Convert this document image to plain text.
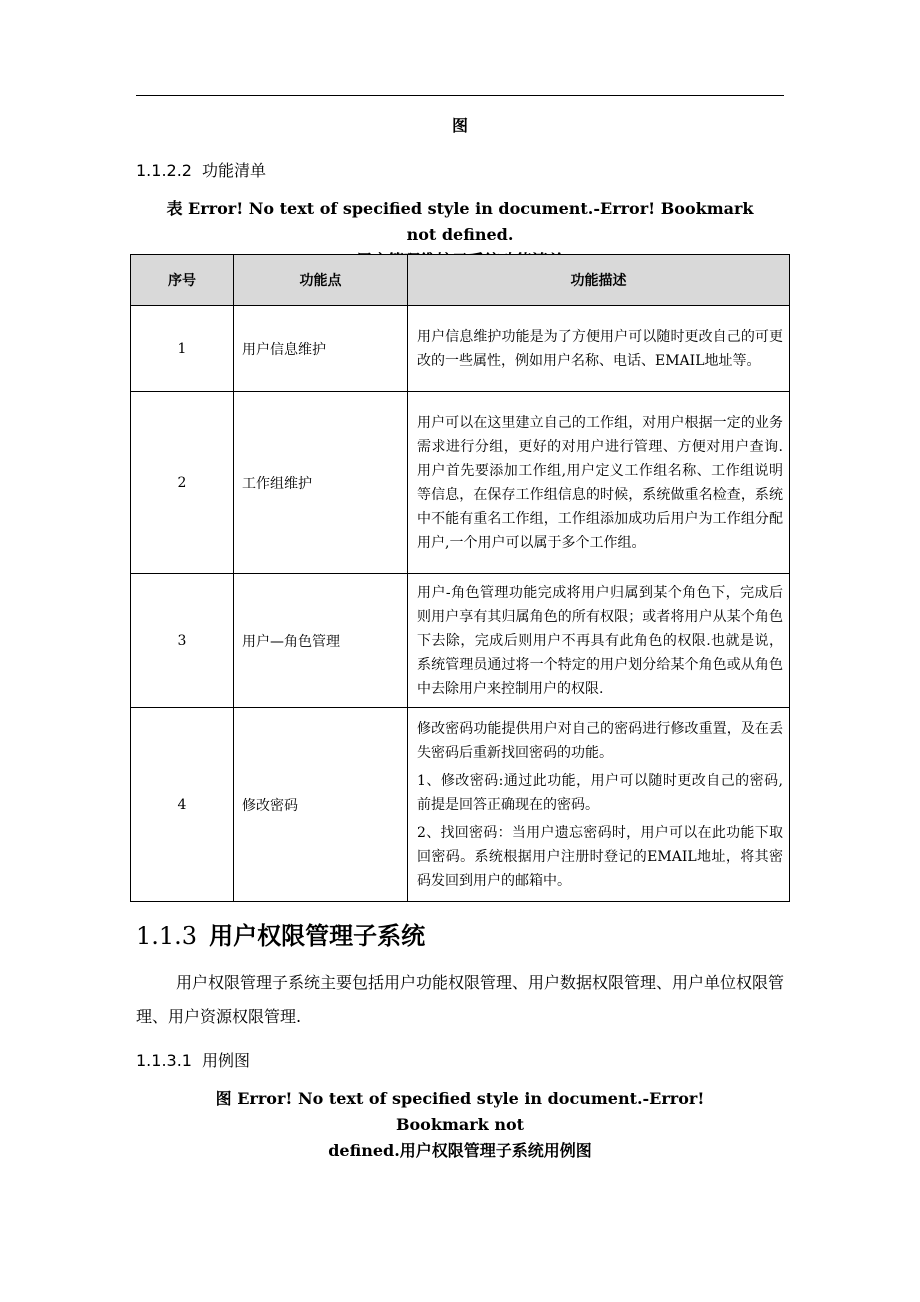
图
1.1.2.2 功能清单
表 Error! No text of specified style in document.-Error! Bookmark not defined.
序号	功能点	功能描述
1	用户信息维护	用户信息维护功能是为了方便用户可以随时更改自己的可更改的一些属性，例如用户名称、电话、EMAIL地址等。

2	工作组维护	用户可以在这里建立自己的工作组，对用户根据一定的业务需求进行分组，更好的对用户进行管理、方便对用户查询.用户首先要添加工作组,用户定义工作组名称、工作组说明等信息，在保存工作组信息的时候，系统做重名检查，系统中不能有重名工作组，工作组添加成功后用户为工作组分配用户,一个用户可以属于多个工作组。

3	用户—角色管理	用户-角色管理功能完成将用户归属到某个角色下，完成后则用户享有其归属角色的所有权限；或者将用户从某个角色下去除，完成后则用户不再具有此角色的权限.也就是说，系统管理员通过将一个特定的用户划分给某个角色或从角色中去除用户来控制用户的权限.

4	修改密码	修改密码功能提供用户对自己的密码进行修改重置，及在丢失密码后重新找回密码的功能。

1、修改密码:通过此功能，用户可以随时更改自己的密码,前提是回答正确现在的密码。

2、找回密码：当用户遗忘密码时，用户可以在此功能下取回密码。系统根据用户注册时登记的EMAIL地址，将其密码发回到用户的邮箱中。

1.1.3 用户权限管理子系统
用户权限管理子系统主要包括用户功能权限管理、用户数据权限管理、用户单位权限管理、用户资源权限管理.
1.1.3.1 用例图
图 Error! No text of specified style in document.-Error! Bookmark not
defined.用户权限管理子系统用例图
